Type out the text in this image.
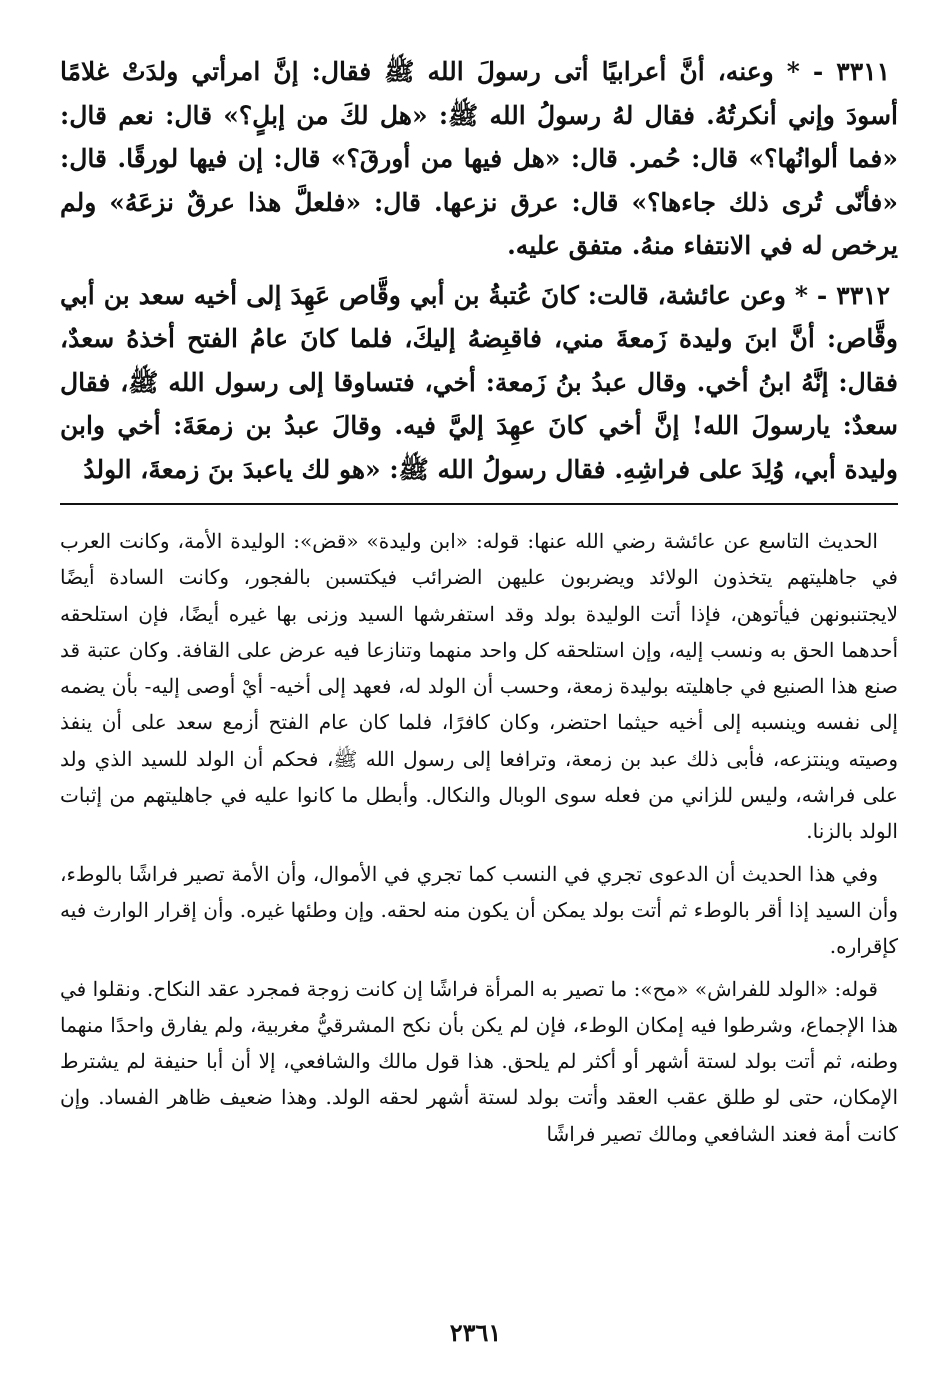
٣٣١١ - * وعنه، أنَّ أعرابيًا أتى رسولَ الله ﷺ فقال: إنَّ امرأتي ولدَتْ غلامًا أسودَ وإني أنكرتُهُ. فقال لهُ رسولُ الله ﷺ: «هل لكَ من إبلٍ؟» قال: نعم قال: «فما ألوانُها؟» قال: حُمر. قال: «هل فيها من أورقَ؟» قال: إن فيها لورقًا. قال: «فأنّى تُرى ذلك جاءها؟» قال: عرق نزعها. قال: «فلعلَّ هذا عرقٌ نزعَهُ» ولم يرخص له في الانتفاء منهُ. متفق عليه.

٣٣١٢ - * وعن عائشة، قالت: كانَ عُتبةُ بن أبي وقَّاص عَهِدَ إلى أخيه سعد بن أبي وقَّاص: أنَّ ابنَ وليدة زَمعةَ مني، فاقبِضهُ إليكَ، فلما كانَ عامُ الفتح أخذهُ سعدٌ، فقال: إنَّهُ ابنُ أخي. وقال عبدُ بنُ زَمعة: أخي، فتساوقا إلى رسول الله ﷺ، فقال سعدٌ: يارسولَ الله! إنَّ أخي كانَ عهِدَ إليَّ فيه. وقالَ عبدُ بن زمعَةَ: أخي وابن وليدة أبي، وُلِدَ على فراشِهِ. فقال رسولُ الله ﷺ: «هو لك ياعبدَ بنَ زمعةَ، الولدُ

الحديث التاسع عن عائشة رضي الله عنها: قوله: «ابن وليدة» «قض»: الوليدة الأمة، وكانت العرب في جاهليتهم يتخذون الولائد ويضربون عليهن الضرائب فيكتسبن بالفجور، وكانت السادة أيضًا لايجتنبونهن فيأتوهن، فإذا أتت الوليدة بولد وقد استفرشها السيد وزنى بها غيره أيضًا، فإن استلحقه أحدهما الحق به ونسب إليه، وإن استلحقه كل واحد منهما وتنازعا فيه عرض على القافة. وكان عتبة قد صنع هذا الصنيع في جاهليته بوليدة زمعة، وحسب أن الولد له، فعهد إلى أخيه- أيْ أوصى إليه- بأن يضمه إلى نفسه وينسبه إلى أخيه حيثما احتضر، وكان كافرًا، فلما كان عام الفتح أزمع سعد على أن ينفذ وصيته وينتزعه، فأبى ذلك عبد بن زمعة، وترافعا إلى رسول الله ﷺ، فحكم أن الولد للسيد الذي ولد على فراشه، وليس للزاني من فعله سوى الوبال والنكال. وأبطل ما كانوا عليه في جاهليتهم من إثبات الولد بالزنا.

وفي هذا الحديث أن الدعوى تجري في النسب كما تجري في الأموال، وأن الأمة تصير فراشًا بالوطء، وأن السيد إذا أقر بالوطء ثم أتت بولد يمكن أن يكون منه لحقه. وإن وطئها غيره. وأن إقرار الوارث فيه كإقراره.

قوله: «الولد للفراش» «مح»: ما تصير به المرأة فراشًا إن كانت زوجة فمجرد عقد النكاح. ونقلوا في هذا الإجماع، وشرطوا فيه إمكان الوطء، فإن لم يكن بأن نكح المشرقيُّ مغربية، ولم يفارق واحدًا منهما وطنه، ثم أتت بولد لستة أشهر أو أكثر لم يلحق. هذا قول مالك والشافعي، إلا أن أبا حنيفة لم يشترط الإمكان، حتى لو طلق عقب العقد وأتت بولد لستة أشهر لحقه الولد. وهذا ضعيف ظاهر الفساد. وإن كانت أمة فعند الشافعي ومالك تصير فراشًا

٢٣٦١
